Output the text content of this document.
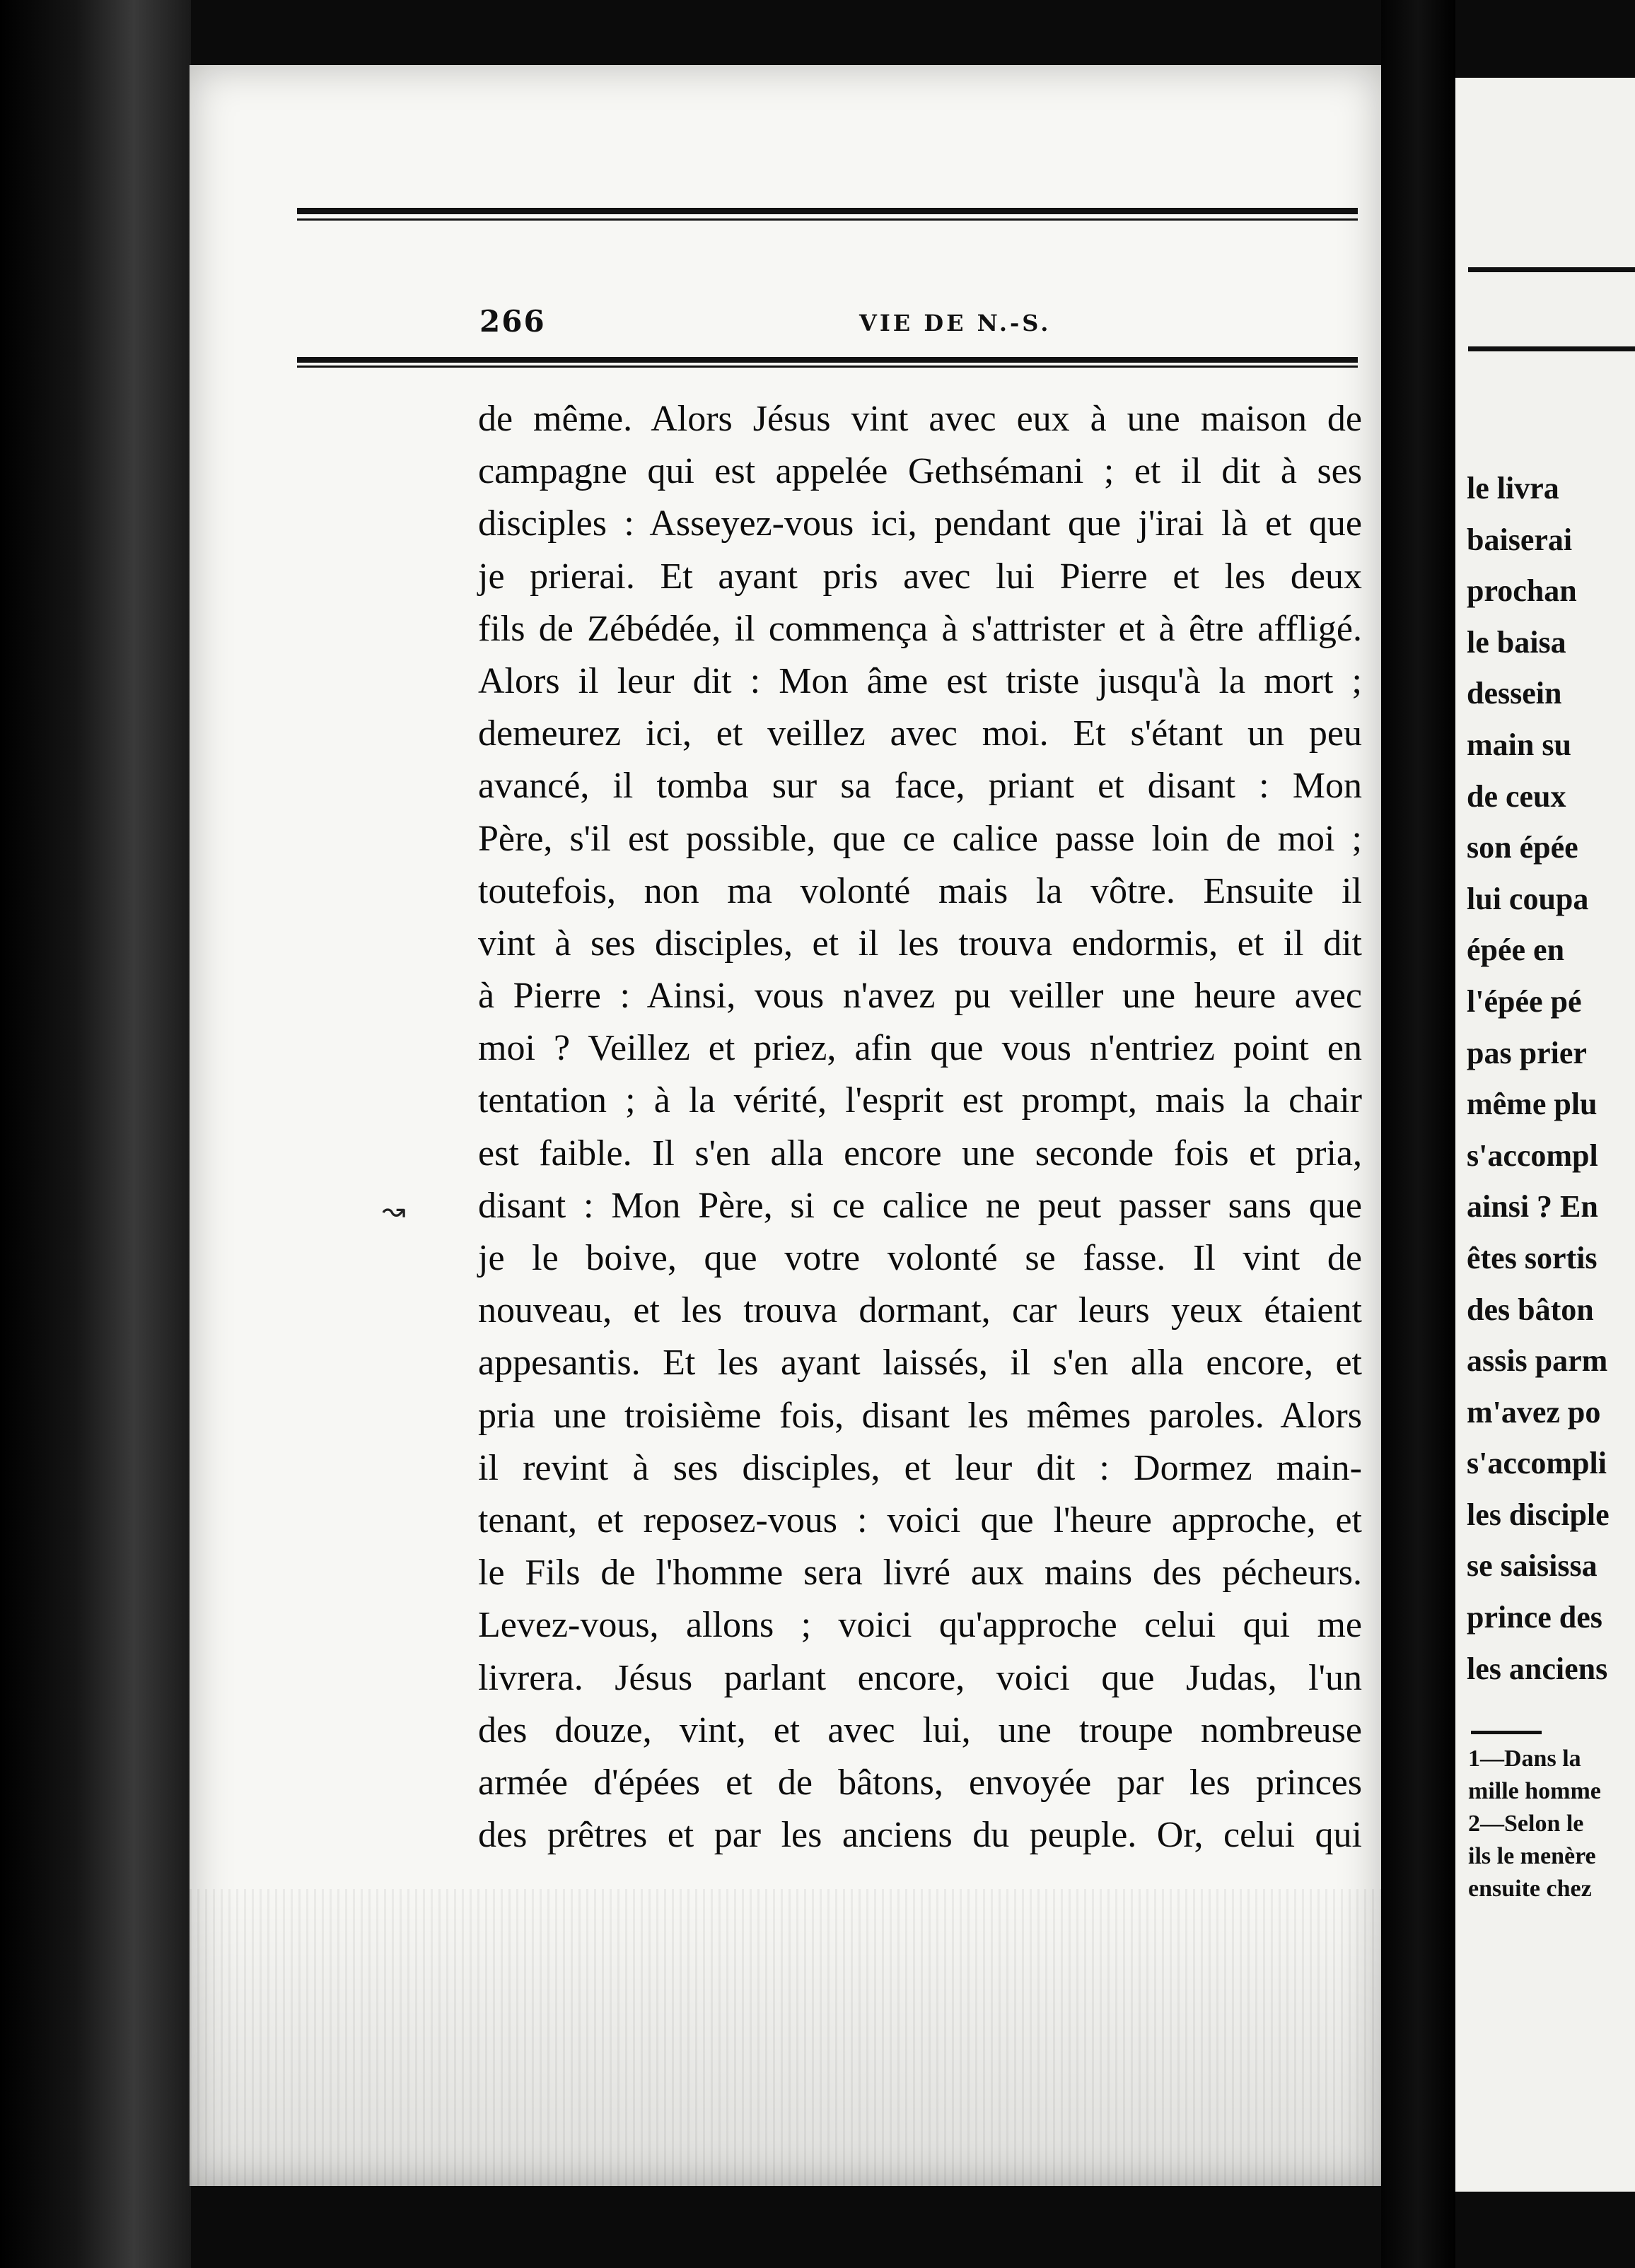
266	VIE DE N.-S.
de même. Alors Jésus vint avec eux à une maison de
campagne qui est appelée Gethsémani ; et il dit à ses
disciples : Asseyez-vous ici, pendant que j'irai là et que
je prierai. Et ayant pris avec lui Pierre et les deux
fils de Zébédée, il commença à s'attrister et à être affligé.
Alors il leur dit : Mon âme est triste jusqu'à la mort ;
demeurez ici, et veillez avec moi. Et s'étant un peu
avancé, il tomba sur sa face, priant et disant : Mon
Père, s'il est possible, que ce calice passe loin de moi ;
toutefois, non ma volonté mais la vôtre. Ensuite il
vint à ses disciples, et il les trouva endormis, et il dit
à Pierre : Ainsi, vous n'avez pu veiller une heure avec
moi ? Veillez et priez, afin que vous n'entriez point en
tentation ; à la vérité, l'esprit est prompt, mais la chair
est faible. Il s'en alla encore une seconde fois et pria,
disant : Mon Père, si ce calice ne peut passer sans que
je le boive, que votre volonté se fasse. Il vint de
nouveau, et les trouva dormant, car leurs yeux étaient
appesantis. Et les ayant laissés, il s'en alla encore, et
pria une troisième fois, disant les mêmes paroles. Alors
il revint à ses disciples, et leur dit : Dormez main-
tenant, et reposez-vous : voici que l'heure approche, et
le Fils de l'homme sera livré aux mains des pécheurs.
Levez-vous, allons ; voici qu'approche celui qui me
livrera. Jésus parlant encore, voici que Judas, l'un
des douze, vint, et avec lui, une troupe nombreuse
armée d'épées et de bâtons, envoyée par les princes
des prêtres et par les anciens du peuple. Or, celui qui
↝
le livra
baiserai
prochan
le baisa
dessein
main su
de ceux
son épée
lui coupa
épée en
l'épée pé
pas prier
même plu
s'accompl
ainsi ? En
êtes sortis
des bâton
assis parm
m'avez po
s'accompli
les disciple
se saisissa
prince des
les anciens
1—Dans la
mille homme
2—Selon le
ils le menère
ensuite chez
